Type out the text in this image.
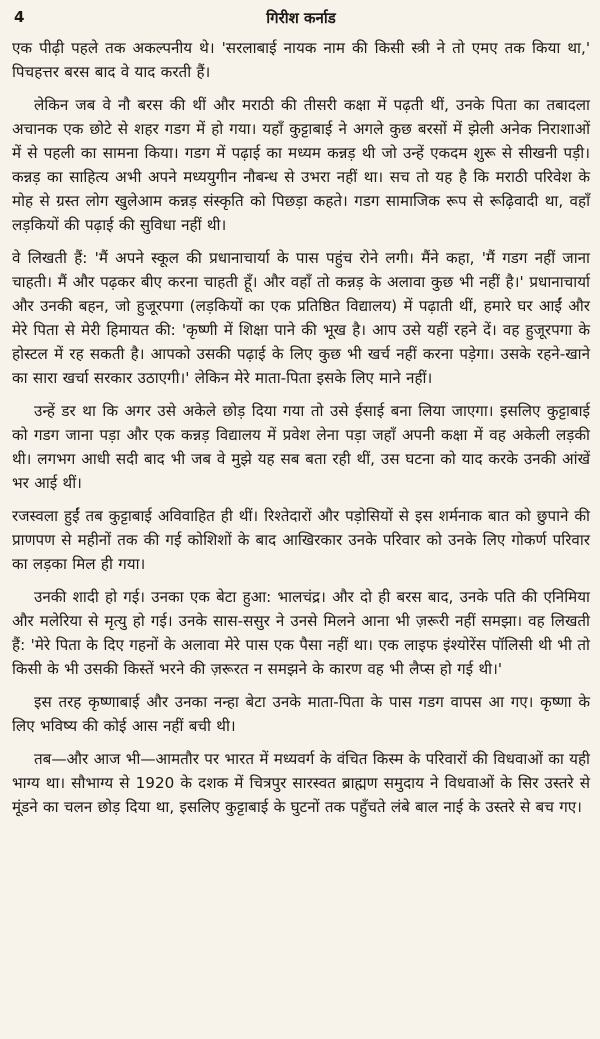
4	गिरीश कर्नाड

एक पीढ़ी पहले तक अकल्पनीय थे। 'सरलाबाई नायक नाम की किसी स्त्री ने तो एमए तक किया था,' पिचहत्तर बरस बाद वे याद करती हैं।

लेकिन जब वे नौ बरस की थीं और मराठी की तीसरी कक्षा में पढ़ती थीं, उनके पिता का तबादला अचानक एक छोटे से शहर गडग में हो गया। यहाँ कुट्टाबाई ने अगले कुछ बरसों में झेली अनेक निराशाओं में से पहली का सामना किया। गडग में पढ़ाई का मध्यम कन्नड़ थी जो उन्हें एकदम शुरू से सीखनी पड़ी। कन्नड़ का साहित्य अभी अपने मध्ययुगीन नौबन्ध से उभरा नहीं था। सच तो यह है कि मराठी परिवेश के मोह से ग्रस्त लोग खुलेआम कन्नड़ संस्कृति को पिछड़ा कहते। गडग सामाजिक रूप से रूढ़िवादी था, वहाँ लड़कियों की पढ़ाई की सुविधा नहीं थी।

वे लिखती हैं: 'मैं अपने स्कूल की प्रधानाचार्या के पास पहुंच रोने लगी। मैंने कहा, 'मैं गडग नहीं जाना चाहती। मैं और पढ़कर बीए करना चाहती हूँ। और वहाँ तो कन्नड़ के अलावा कुछ भी नहीं है।' प्रधानाचार्या और उनकी बहन, जो हुजूरपगा (लड़कियों का एक प्रतिष्ठित विद्यालय) में पढ़ाती थीं, हमारे घर आईं और मेरे पिता से मेरी हिमायत की: 'कृष्णी में शिक्षा पाने की भूख है। आप उसे यहीं रहने दें। वह हुजूरपगा के होस्टल में रह सकती है। आपको उसकी पढ़ाई के लिए कुछ भी खर्च नहीं करना पड़ेगा। उसके रहने-खाने का सारा खर्चा सरकार उठाएगी।' लेकिन मेरे माता-पिता इसके लिए माने नहीं।

उन्हें डर था कि अगर उसे अकेले छोड़ दिया गया तो उसे ईसाई बना लिया जाएगा। इसलिए कुट्टाबाई को गडग जाना पड़ा और एक कन्नड़ विद्यालय में प्रवेश लेना पड़ा जहाँ अपनी कक्षा में वह अकेली लड़की थी। लगभग आधी सदी बाद भी जब वे मुझे यह सब बता रही थीं, उस घटना को याद करके उनकी आंखें भर आई थीं।

रजस्वला हुईं तब कुट्टाबाई अविवाहित ही थीं। रिश्तेदारों और पड़ोसियों से इस शर्मनाक बात को छुपाने की प्राणपण से महीनों तक की गई कोशिशों के बाद आखिरकार उनके परिवार को उनके लिए गोकर्ण परिवार का लड़का मिल ही गया।

उनकी शादी हो गई। उनका एक बेटा हुआ: भालचंद्र। और दो ही बरस बाद, उनके पति की एनिमिया और मलेरिया से मृत्यु हो गई। उनके सास-ससुर ने उनसे मिलने आना भी ज़रूरी नहीं समझा। वह लिखती हैं: 'मेरे पिता के दिए गहनों के अलावा मेरे पास एक पैसा नहीं था। एक लाइफ इंश्योरेंस पॉलिसी थी भी तो किसी के भी उसकी किस्तें भरने की ज़रूरत न समझने के कारण वह भी लैप्स हो गई थी।'

इस तरह कृष्णाबाई और उनका नन्हा बेटा उनके माता-पिता के पास गडग वापस आ गए। कृष्णा के लिए भविष्य की कोई आस नहीं बची थी।

तब—और आज भी—आमतौर पर भारत में मध्यवर्ग के वंचित किस्म के परिवारों की विधवाओं का यही भाग्य था। सौभाग्य से 1920 के दशक में चित्रपुर सारस्वत ब्राह्मण समुदाय ने विधवाओं के सिर उस्तरे से मूंडने का चलन छोड़ दिया था, इसलिए कुट्टाबाई के घुटनों तक पहुँचते लंबे बाल नाई के उस्तरे से बच गए।
